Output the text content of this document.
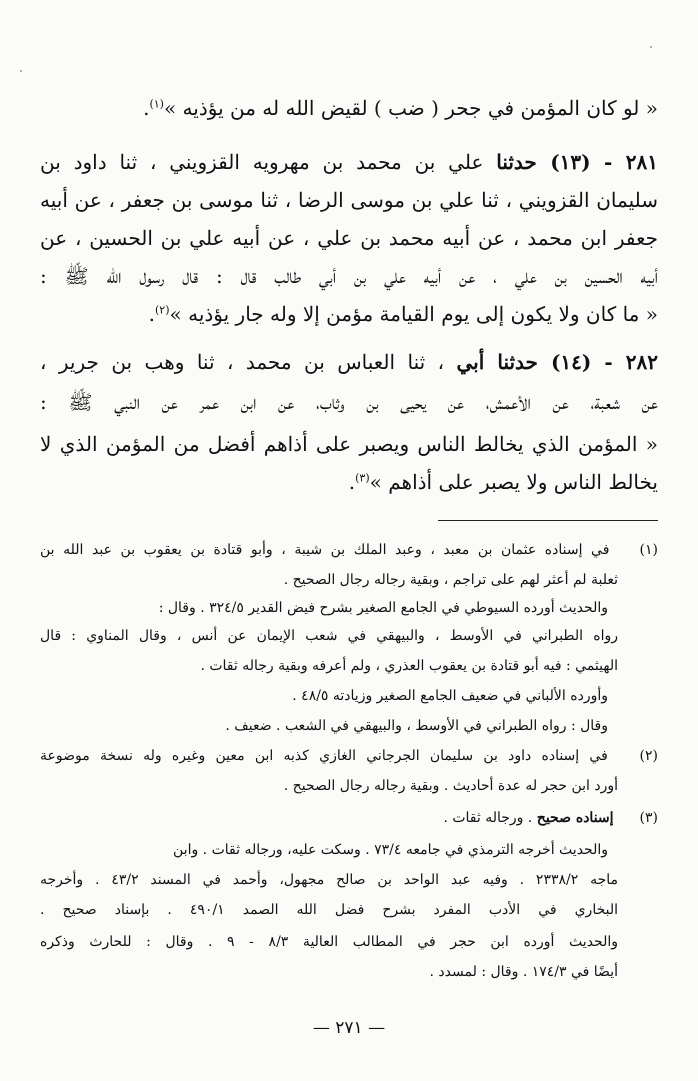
« لو كان المؤمن في جحر ( ضب ) لقيض الله له من يؤذيه »$^{(١)}$.
٢٨١ - (١٣) حدثنا علي بن محمد بن مهرويه القزويني ، ثنا داود بن
سليمان القزويني ، ثنا علي بن موسى الرضا ، ثنا موسى بن جعفر ، عن أبيه
جعفر ابن محمد ، عن أبيه محمد بن علي ، عن أبيه علي بن الحسين ، عن
أبيه الحسين بن علي ، عن أبيه علي بن أبي طالب قال : قال رسول الله ﷺ :
« ما كان ولا يكون إلى يوم القيامة مؤمن إلا وله جار يؤذيه »$^{(٢)}$.
٢٨٢ - (١٤) حدثنا أبي ، ثنا العباس بن محمد ، ثنا وهب بن جرير ،
عن شعبة، عن الأعمش، عن يحيى بن وثاب، عن ابن عمر عن النبي ﷺ :
« المؤمن الذي يخالط الناس ويصبر على أذاهم أفضل من المؤمن الذي لا
يخالط الناس ولا يصبر على أذاهم »$^{(٣)}$.
(١) في إسناده عثمان بن معبد ، وعبد الملك بن شيبة ، وأبو قتادة بن يعقوب بن عبد الله بن
ثعلبة لم أعثر لهم على تراجم ، وبقية رجاله رجال الصحيح .
والحديث أورده السيوطي في الجامع الصغير بشرح فيض القدير ٣٢٤/٥ . وقال :
رواه الطبراني في الأوسط ، والبيهقي في شعب الإيمان عن أنس ، وقال المناوي : قال
الهيثمي : فيه أبو قتادة بن يعقوب العذري ، ولم أعرفه وبقية رجاله ثقات .
وأورده الألباني في ضعيف الجامع الصغير وزيادته ٤٨/٥ .
وقال : رواه الطبراني في الأوسط ، والبيهقي في الشعب . ضعيف .
(٢) في إسناده داود بن سليمان الجرجاني الغازي كذبه ابن معين وغيره وله نسخة موضوعة
أورد ابن حجر له عدة أحاديث . وبقية رجاله رجال الصحيح .
(٣) إسناده صحيح . ورجاله ثقات .
والحديث أخرجه الترمذي في جامعه ٧٣/٤ . وسكت عليه، ورجاله ثقات . وابن
ماجه ٢٣٣٨/٢ . وفيه عبد الواحد بن صالح مجهول، وأحمد في المسند ٤٣/٢ . وأخرجه
البخاري في الأدب المفرد بشرح فضل الله الصمد ٤٩٠/١ . بإسناد صحيح .
والحديث أورده ابن حجر في المطالب العالية ٨/٣ - ٩ . وقال : للحارث وذكره
أيضًا في ١٧٤/٣ . وقال : لمسدد .
— ٢٧١ —
